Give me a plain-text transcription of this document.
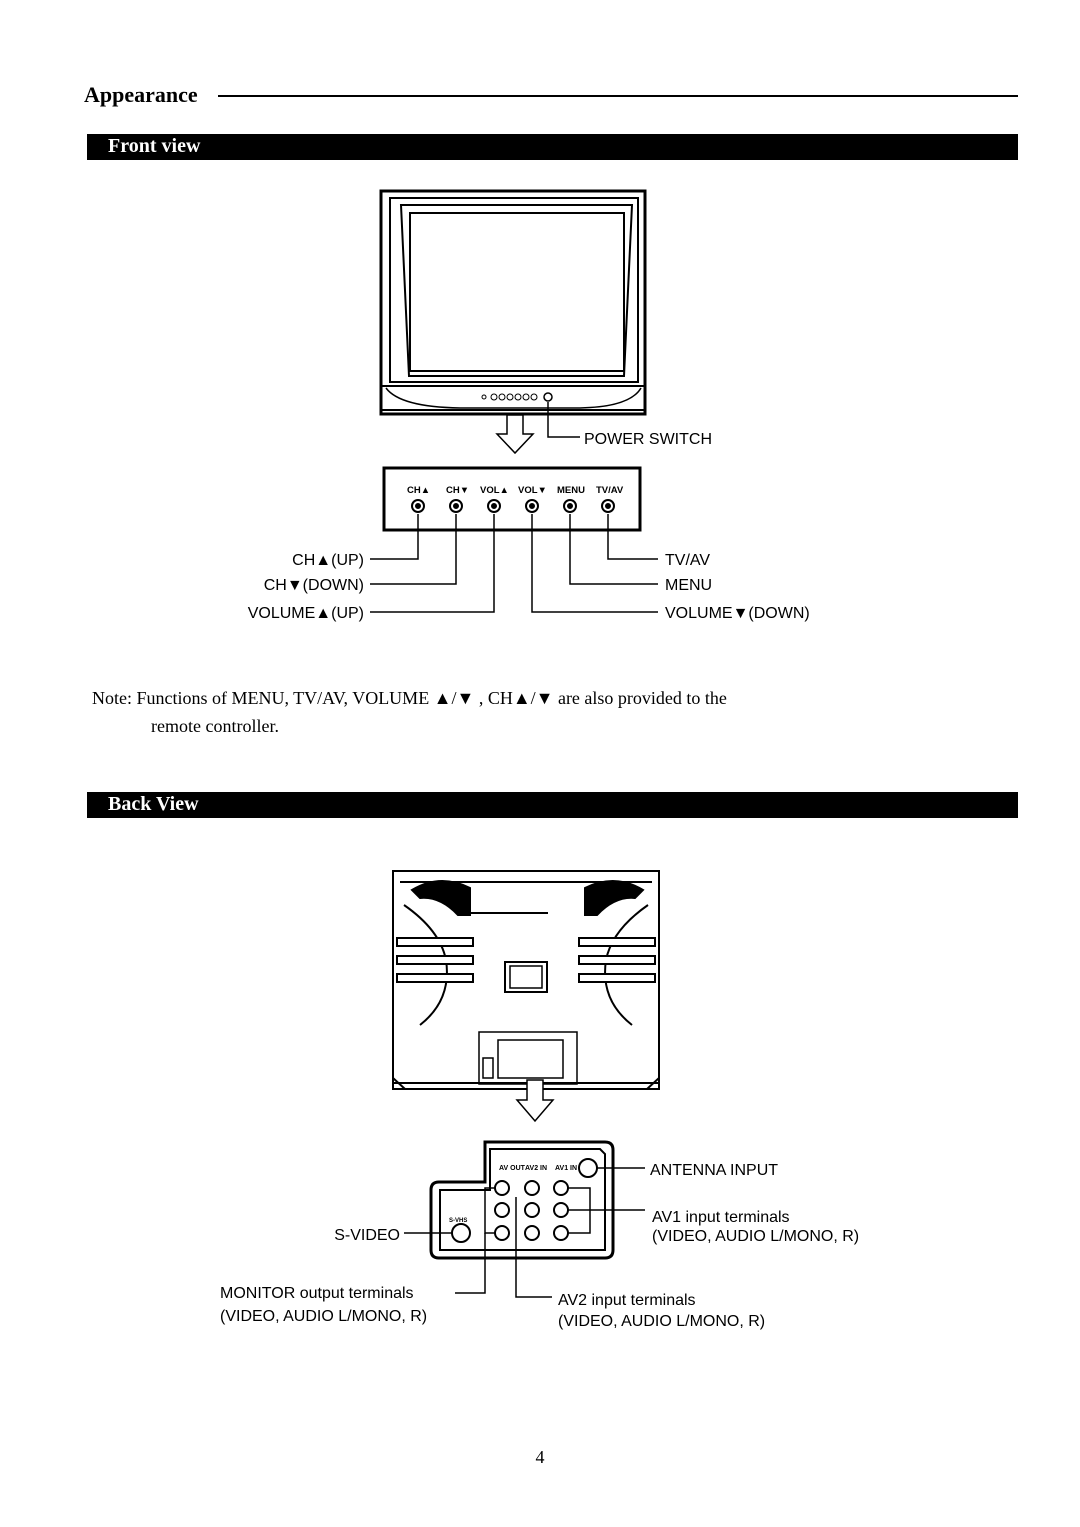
Appearance
Front view
POWER SWITCH
CH▲ CH▼ VOL▲ VOL▼ MENU TV/AV
CH▲(UP)
CH▼(DOWN)
VOLUME▲(UP)
TV/AV
MENU
VOLUME▼(DOWN)
Note: Functions of MENU, TV/AV, VOLUME ▲/▼ , CH▲/▼ are also provided to the
remote controller.
Back View
AV OUT AV2 IN AV1 IN
S-VHS
ANTENNA INPUT
AV1 input terminals
(VIDEO, AUDIO L/MONO, R)
S-VIDEO
MONITOR output terminals
(VIDEO, AUDIO L/MONO, R)
AV2 input terminals
(VIDEO, AUDIO L/MONO, R)
4
